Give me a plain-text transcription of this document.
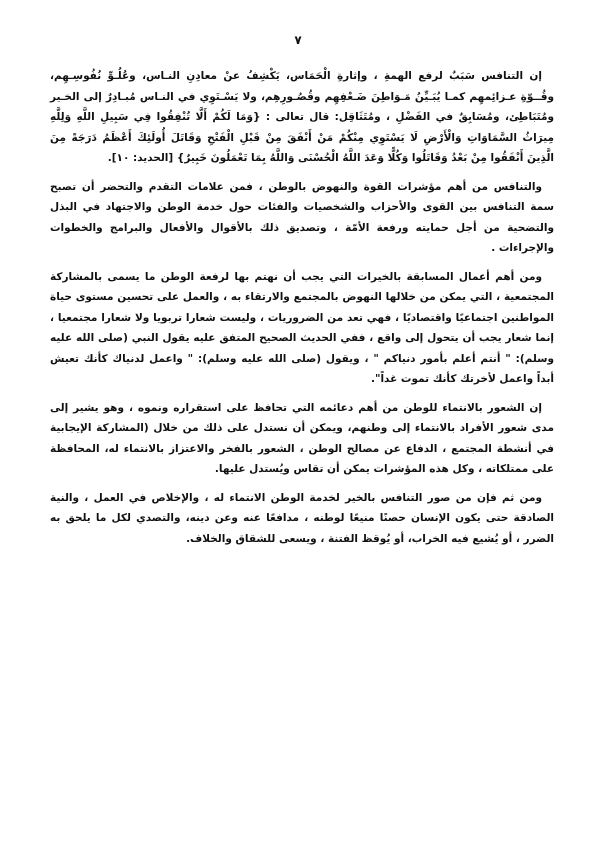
٧

إن التنافس سَبَبٌ لرفع الهمةِ ، وإثارةِ الْحَمَاس، يَكْشِفُ عنْ معادِنِ النـاس، وعُلُـوِّ نُفُوسِـهِم، وقُــوّةِ عـزائِمهِم كمـا يُبَـيِّنُ مَـوَاطِنَ ضَـعْفِهِم وقُصُـورِهِم، ولا يَسْـتَوِي في النـاس مُبـادِرٌ إلى الخـير ومُتَبَاطِئ، ومُسَابِقٌ في الفَضْلِ ، ومُتَثَاقِل: قال تعالى : {وَمَا لَكُمْ أَلَّا تُنْفِقُوا فِي سَبِيلِ اللَّهِ وَلِلَّهِ مِيرَاثُ السَّمَاوَاتِ وَالْأَرْضِ لَا يَسْتَوِي مِنْكُمْ مَنْ أَنْفَقَ مِنْ قَبْلِ الْفَتْحِ وَقَاتَلَ أُولَئِكَ أَعْظَمُ دَرَجَةً مِنَ الَّذِينَ أَنْفَقُوا مِنْ بَعْدُ وَقَاتَلُوا وَكُلًّا وَعَدَ اللَّهُ الْحُسْنَى وَاللَّهُ بِمَا تَعْمَلُونَ خَبِيرٌ} [الحديد: ١٠].

والتنافس من أهم مؤشرات القوة والنهوض بالوطن ، فمن علامات التقدم والتحضر أن تصبح سمة التنافس بين القوى والأحزاب والشخصيات والفئات حول خدمة الوطن والاجتهاد في البذل والتضحية من أجل حمايته ورفعة الأمّة ، وتصديق ذلك بالأقوال والأفعال والبرامج والخطوات والإجراءات .

ومن أهم أعمال المسابقة بالخيرات التي يجب أن نهتم بها لرفعة الوطن ما يسمى بالمشاركة المجتمعية ، التي يمكن من خلالها النهوض بالمجتمع والارتقاء به ، والعمل على تحسين مستوى حياة المواطنين اجتماعيًا واقتصاديًا ، فهي تعد من الضروريات ، وليست شعارا تربويا ولا شعارا مجتمعيا ، إنما شعار يجب أن يتحول إلى واقع ، ففي الحديث الصحيح المتفق عليه يقول النبي (صلى الله عليه وسلم): " أنتم أعلم بأمور دنياكم " ، ويقول (صلى الله عليه وسلم): " واعمل لدنياك كأنك تعيش أبداً واعمل لأخرتك كأنك تموت غداً".

إن الشعور بالانتماء للوطن من أهم دعائمه التي تحافظ على استقراره ونموه ، وهو يشير إلى مدى شعور الأفراد بالانتماء إلى وطنهم، ويمكن أن نستدل على ذلك من خلال (المشاركة الإيجابية في أنشطة المجتمع ، الدفاع عن مصالح الوطن ، الشعور بالفخر والاعتزاز بالانتماء له، المحافظة على ممتلكاته ، وكل هذه المؤشرات يمكن أن تقاس ويُستدل عليها.

ومن ثم فإن من صور التنافس بالخير لخدمة الوطن الانتماء له ، والإخلاص في العمل ، والنية الصادقة حتى يكون الإنسان حصنًا منيعًا لوطنه ، مدافعًا عنه وعن دينه، والتصدي لكل ما يلحق به الضرر ، أو يُشيع فيه الخراب، أو يُوقظ الفتنة ، ويسعى للشقاق والخلاف.
